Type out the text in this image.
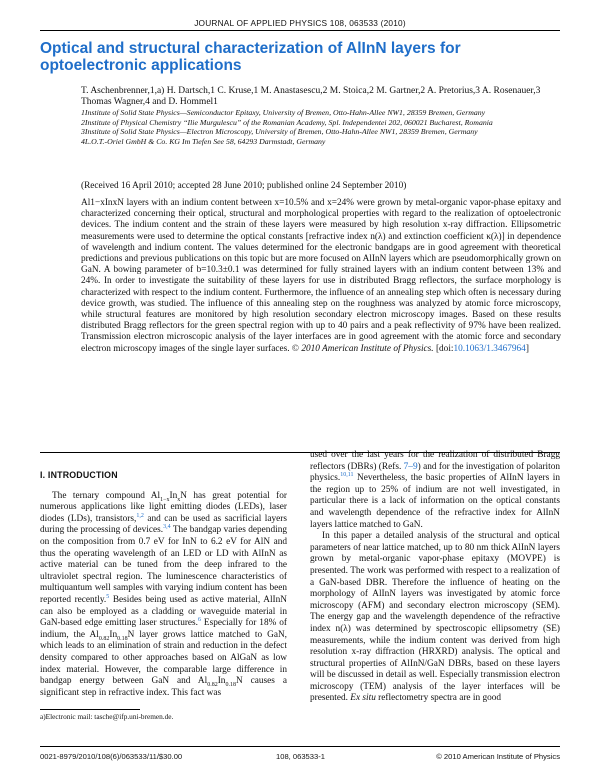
JOURNAL OF APPLIED PHYSICS 108, 063533 (2010)
Optical and structural characterization of AlInN layers for optoelectronic applications

T. Aschenbrenner,1,a) H. Dartsch,1 C. Kruse,1 M. Anastasescu,2 M. Stoica,2 M. Gartner,2 A. Pretorius,3 A. Rosenauer,3 Thomas Wagner,4 and D. Hommel1

1Institute of Solid State Physics—Semiconductor Epitaxy, University of Bremen, Otto-Hahn-Allee NW1, 28359 Bremen, Germany

2Institute of Physical Chemistry “Ilie Murgulescu” of the Romanian Academy, Spl. Independentei 202, 060021 Bucharest, Romania

3Institute of Solid State Physics—Electron Microscopy, University of Bremen, Otto-Hahn-Allee NW1, 28359 Bremen, Germany

4L.O.T.-Oriel GmbH & Co. KG Im Tiefen See 58, 64293 Darmstadt, Germany

(Received 16 April 2010; accepted 28 June 2010; published online 24 September 2010)

Al1−xInxN layers with an indium content between x=10.5% and x=24% were grown by metal-organic vapor-phase epitaxy and characterized concerning their optical, structural and morphological properties with regard to the realization of optoelectronic devices. The indium content and the strain of these layers were measured by high resolution x-ray diffraction. Ellipsometric measurements were used to determine the optical constants [refractive index n(λ) and extinction coefficient κ(λ)] in dependence of wavelength and indium content. The values determined for the electronic bandgaps are in good agreement with theoretical predictions and previous publications on this topic but are more focused on AlInN layers which are pseudomorphically grown on GaN. A bowing parameter of b=10.3±0.1 was determined for fully strained layers with an indium content between 13% and 24%. In order to investigate the suitability of these layers for use in distributed Bragg reflectors, the surface morphology is characterized with respect to the indium content. Furthermore, the influence of an annealing step which often is necessary during device growth, was studied. The influence of this annealing step on the roughness was analyzed by atomic force microscopy, while structural features are monitored by high resolution secondary electron microscopy images. Based on these results distributed Bragg reflectors for the green spectral region with up to 40 pairs and a peak reflectivity of 97% have been realized. Transmission electron microscopic analysis of the layer interfaces are in good agreement with the atomic force and secondary electron microscopy images of the single layer surfaces. © 2010 American Institute of Physics. [doi:10.1063/1.3467964]

I. INTRODUCTION

The ternary compound $Al_{1-x}In_xN$ has great potential for numerous applications like light emitting diodes (LEDs), laser diodes (LDs), transistors,$^{1,2}$ and can be used as sacrificial layers during the processing of devices.$^{3,4}$ The bandgap varies depending on the composition from 0.7 eV for InN to 6.2 eV for AlN and thus the operating wavelength of an LED or LD with AlInN as active material can be tuned from the deep infrared to the ultraviolet spectral region. The luminescence characteristics of multiquantum well samples with varying indium content has been reported recently.$^5$ Besides being used as active material, AlInN can also be employed as a cladding or waveguide material in GaN-based edge emitting laser structures.$^6$ Especially for 18% of indium, the $Al_{0.82}In_{0.18}N$ layer grows lattice matched to GaN, which leads to an elimination of strain and reduction in the defect density compared to other approaches based on AlGaN as low index material. However, the comparable large difference in bandgap energy between GaN and $Al_{0.82}In_{0.18}N$ causes a significant step in refractive index. This fact was

used over the last years for the realization of distributed Bragg reflectors (DBRs) (Refs. 7–9) and for the investigation of polariton physics.$^{10,11}$ Nevertheless, the basic properties of AlInN layers in the region up to 25% of indium are not well investigated, in particular there is a lack of information on the optical constants and wavelength dependence of the refractive index for AlInN layers lattice matched to GaN.

In this paper a detailed analysis of the structural and optical parameters of near lattice matched, up to 80 nm thick AlInN layers grown by metal-organic vapor-phase epitaxy (MOVPE) is presented. The work was performed with respect to a realization of a GaN-based DBR. Therefore the influence of heating on the morphology of AlInN layers was investigated by atomic force microscopy (AFM) and secondary electron microscopy (SEM). The energy gap and the wavelength dependence of the refractive index n(λ) was determined by spectroscopic ellipsometry (SE) measurements, while the indium content was derived from high resolution x-ray diffraction (HRXRD) analysis. The optical and structural properties of AlInN/GaN DBRs, based on these layers will be discussed in detail as well. Especially transmission electron microscopy (TEM) analysis of the layer interfaces will be presented. Ex situ reflectometry spectra are in good

a)Electronic mail: tasche@ifp.uni-bremen.de.

0021-8979/2010/108(6)/063533/11/$30.00	108, 063533-1	© 2010 American Institute of Physics
